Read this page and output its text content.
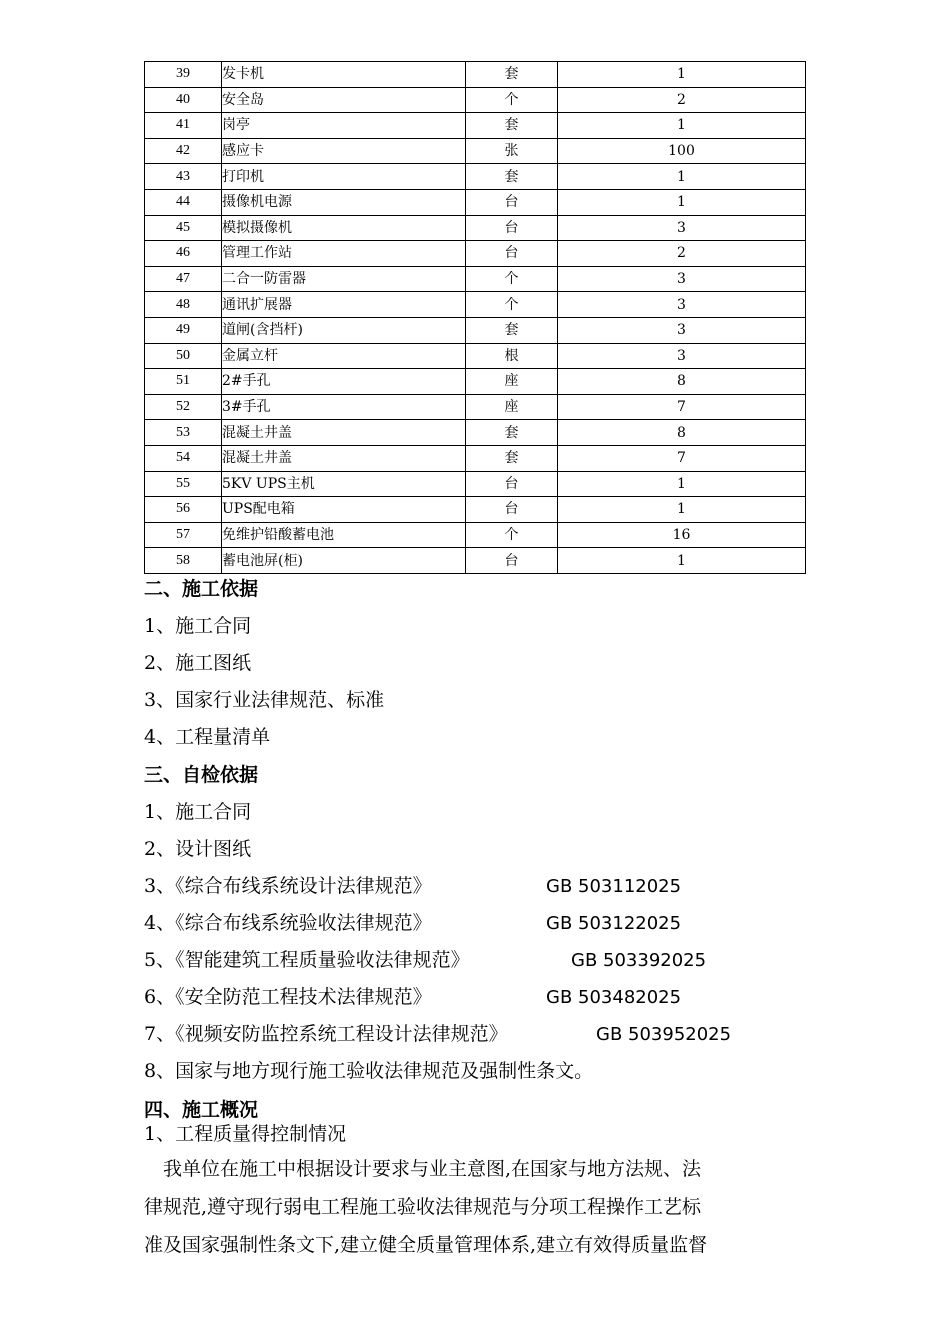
39	发卡机	套	1
40	安全岛	个	2
41	岗亭	套	1
42	感应卡	张	100
43	打印机	套	1
44	摄像机电源	台	1
45	模拟摄像机	台	3
46	管理工作站	台	2
47	二合一防雷器	个	3
48	通讯扩展器	个	3
49	道闸(含挡杆)	套	3
50	金属立杆	根	3
51	2#手孔	座	8
52	3#手孔	座	7
53	混凝土井盖	套	8
54	混凝土井盖	套	7
55	5KV UPS主机	台	1
56	UPS配电箱	台	1
57	免维护铅酸蓄电池	个	16
58	蓄电池屏(柜)	台	1
二、施工依据
1、施工合同
2、施工图纸
3、国家行业法律规范、标准
4、工程量清单
三、自检依据
1、施工合同
2、设计图纸
3、《综合布线系统设计法律规范》	GB 503112025
4、《综合布线系统验收法律规范》	GB 503122025
5、《智能建筑工程质量验收法律规范》	GB 503392025
6、《安全防范工程技术法律规范》	GB 503482025
7、《视频安防监控系统工程设计法律规范》	GB 503952025
8、国家与地方现行施工验收法律规范及强制性条文。
四、施工概况
1、工程质量得控制情况
我单位在施工中根据设计要求与业主意图,在国家与地方法规、法
律规范,遵守现行弱电工程施工验收法律规范与分项工程操作工艺标
准及国家强制性条文下,建立健全质量管理体系,建立有效得质量监督
